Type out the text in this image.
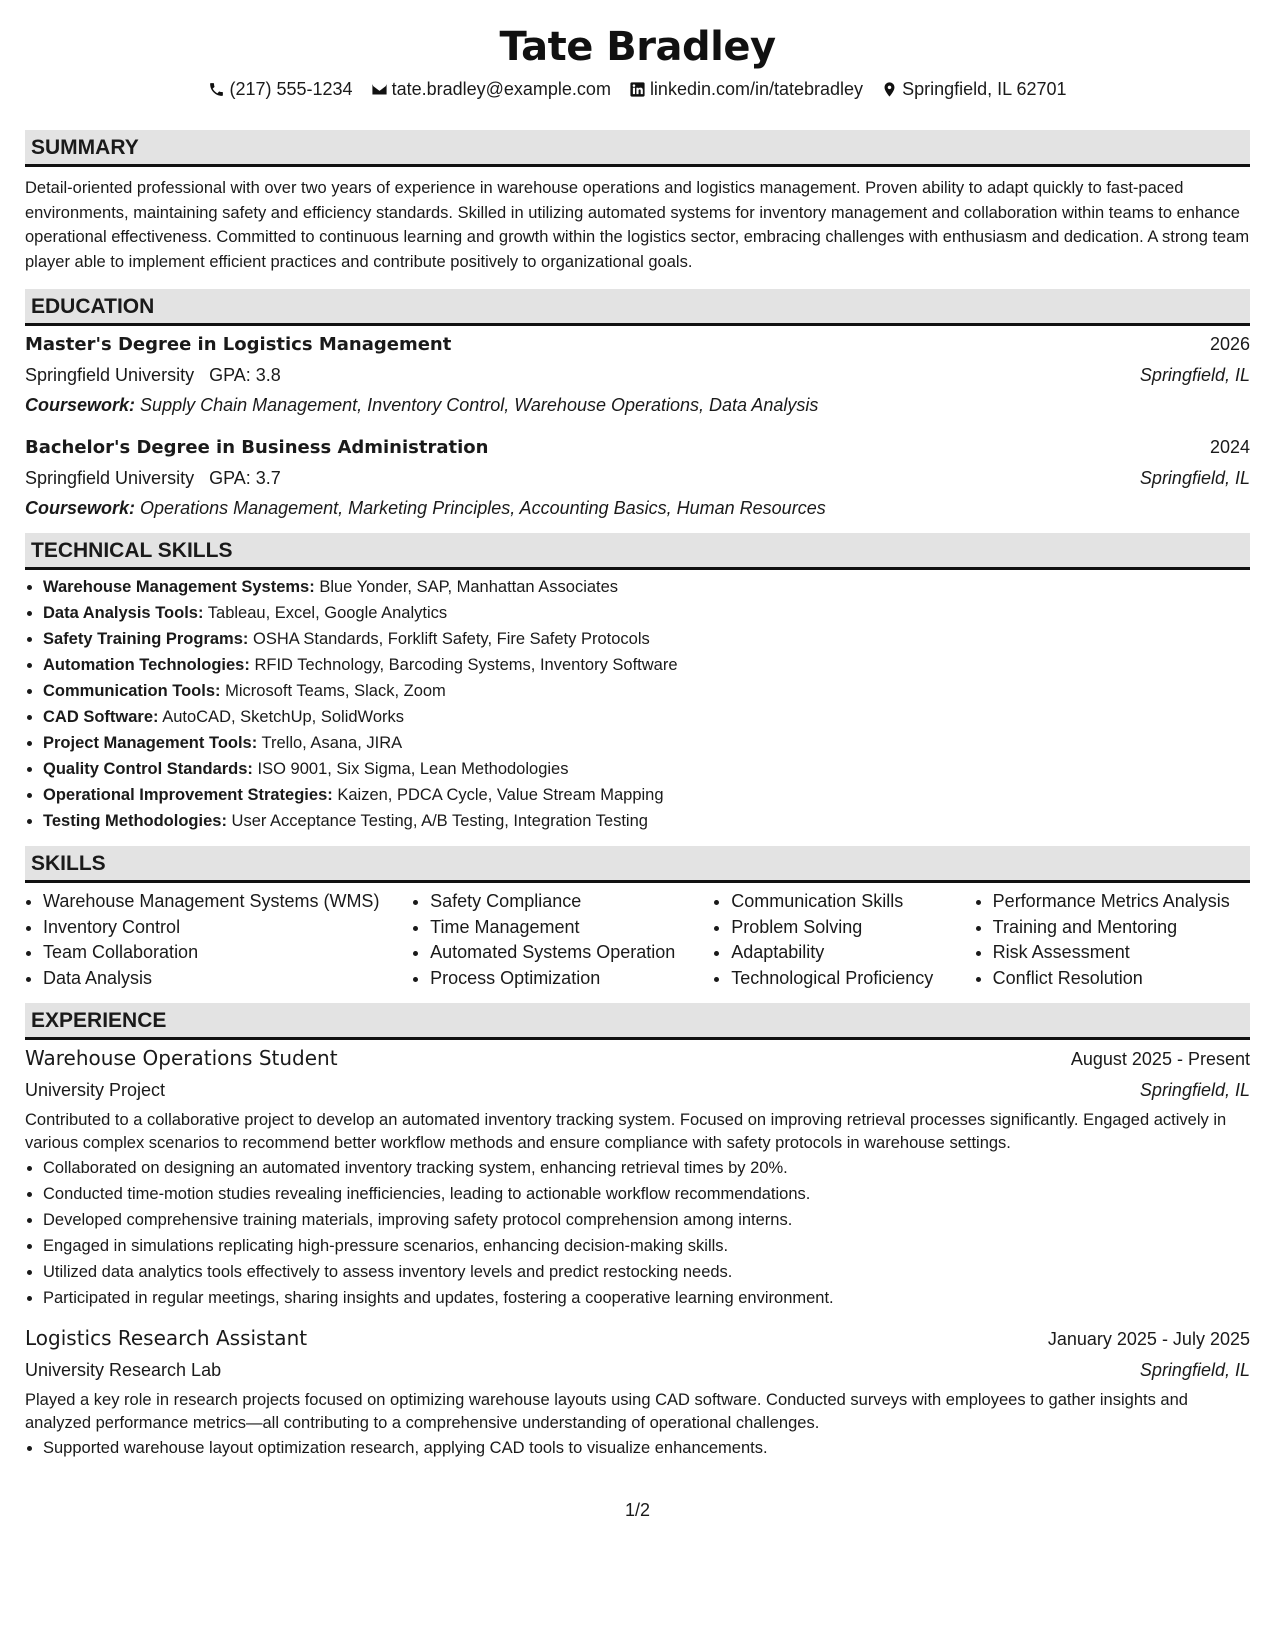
Tate Bradley
(217) 555-1234 tate.bradley@example.com linkedin.com/in/tatebradley Springfield, IL 62701
SUMMARY

Detail-oriented professional with over two years of experience in warehouse operations and logistics management. Proven ability to adapt quickly to fast-paced environments, maintaining safety and efficiency standards. Skilled in utilizing automated systems for inventory management and collaboration within teams to enhance operational effectiveness. Committed to continuous learning and growth within the logistics sector, embracing challenges with enthusiasm and dedication. A strong team player able to implement efficient practices and contribute positively to organizational goals.

EDUCATION
Master's Degree in Logistics Management	2026
Springfield University GPA: 3.8	Springfield, IL
Coursework: Supply Chain Management, Inventory Control, Warehouse Operations, Data Analysis
Bachelor's Degree in Business Administration	2024
Springfield University GPA: 3.7	Springfield, IL
Coursework: Operations Management, Marketing Principles, Accounting Basics, Human Resources
TECHNICAL SKILLS
• Warehouse Management Systems: Blue Yonder, SAP, Manhattan Associates
• Data Analysis Tools: Tableau, Excel, Google Analytics
• Safety Training Programs: OSHA Standards, Forklift Safety, Fire Safety Protocols
• Automation Technologies: RFID Technology, Barcoding Systems, Inventory Software
• Communication Tools: Microsoft Teams, Slack, Zoom
• CAD Software: AutoCAD, SketchUp, SolidWorks
• Project Management Tools: Trello, Asana, JIRA
• Quality Control Standards: ISO 9001, Six Sigma, Lean Methodologies
• Operational Improvement Strategies: Kaizen, PDCA Cycle, Value Stream Mapping
• Testing Methodologies: User Acceptance Testing, A/B Testing, Integration Testing
SKILLS
• Warehouse Management Systems (WMS)
• Inventory Control
• Team Collaboration
• Data Analysis
• Safety Compliance
• Time Management
• Automated Systems Operation
• Process Optimization
• Communication Skills
• Problem Solving
• Adaptability
• Technological Proficiency
• Performance Metrics Analysis
• Training and Mentoring
• Risk Assessment
• Conflict Resolution
EXPERIENCE
Warehouse Operations Student	August 2025 - Present
University Project	Springfield, IL

Contributed to a collaborative project to develop an automated inventory tracking system. Focused on improving retrieval processes significantly. Engaged actively in various complex scenarios to recommend better workflow methods and ensure compliance with safety protocols in warehouse settings.

• Collaborated on designing an automated inventory tracking system, enhancing retrieval times by 20%.
• Conducted time-motion studies revealing inefficiencies, leading to actionable workflow recommendations.
• Developed comprehensive training materials, improving safety protocol comprehension among interns.
• Engaged in simulations replicating high-pressure scenarios, enhancing decision-making skills.
• Utilized data analytics tools effectively to assess inventory levels and predict restocking needs.
• Participated in regular meetings, sharing insights and updates, fostering a cooperative learning environment.
Logistics Research Assistant	January 2025 - July 2025
University Research Lab	Springfield, IL

Played a key role in research projects focused on optimizing warehouse layouts using CAD software. Conducted surveys with employees to gather insights and analyzed performance metrics—all contributing to a comprehensive understanding of operational challenges.

• Supported warehouse layout optimization research, applying CAD tools to visualize enhancements.
1/2
